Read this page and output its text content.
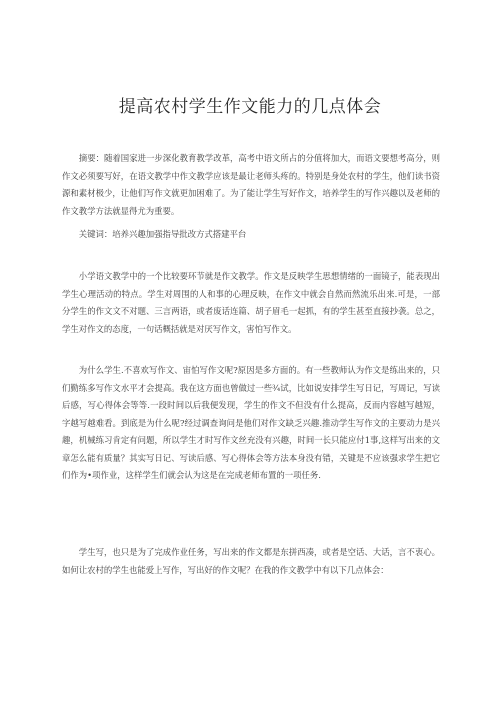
提高农村学生作文能力的几点体会

摘要：随着国家进一步深化教育教学改革，高考中语文所占的分值将加大，而语文要想考高分，则作文必须要写好，在语文教学中作文教学应该是最让老师头疼的。特别是身处农村的学生，他们读书资源和素材极少，让他们写作文就更加困难了。为了能让学生写好作文，培养学生的写作兴趣以及老师的作文教学方法就显得尤为重要。

关键词：培养兴趣加强指导批改方式搭建平台

小学语文教学中的一个比较要环节就是作文教学。作文是反映学生思想情绪的一面镜子，能表现出学生心理活动的特点。学生对周围的人和事的心理反映，在作文中就会自然而然流乐出来.可是，一部分学生的作文文不对题、三言两语，或者废话连篇、胡子眉毛一起抓，有的学生甚至直接抄袭。总之，学生对作文的态度，一句话概括就是对厌写作文，害怕写作文。

为什么学生.不喜欢写作文、宙怕写作文呢?原因是多方面的。有一些教师认为作文是练出来的，只们勤练多写作文水平才会提高。我在这方面也曾做过一些¾试，比如说安排学生写日记，写周记，写读后感，写心得体会等等.一段时间以后我便发现，学生的作文不但没有什么提高，反而内容越写越短，字越写越难看。到底是为什么呢?经过调查询问是他们对作文缺乏兴趣.推动学生写作文的主要动力是兴趣，机械练习肯定有问题，所以学生才时写作文丝充没有兴趣，时间一长只能应付1事,这样写出来的文章怎么能有质量？其实写日记、写读后感、写心得体会等方法本身没有错，关键是不应该强求学生把它们作为•项作业，这样学生们就会认为这是在完成老师布置的一项任务.

学生写，也只是为了完成作业任务，写出来的作文都是东拼西凑，或者是空话、大话，言不衷心。如何让农村的学生也能爱上写作，写出好的作文呢？在我的作文教学中有以下几点体会：
